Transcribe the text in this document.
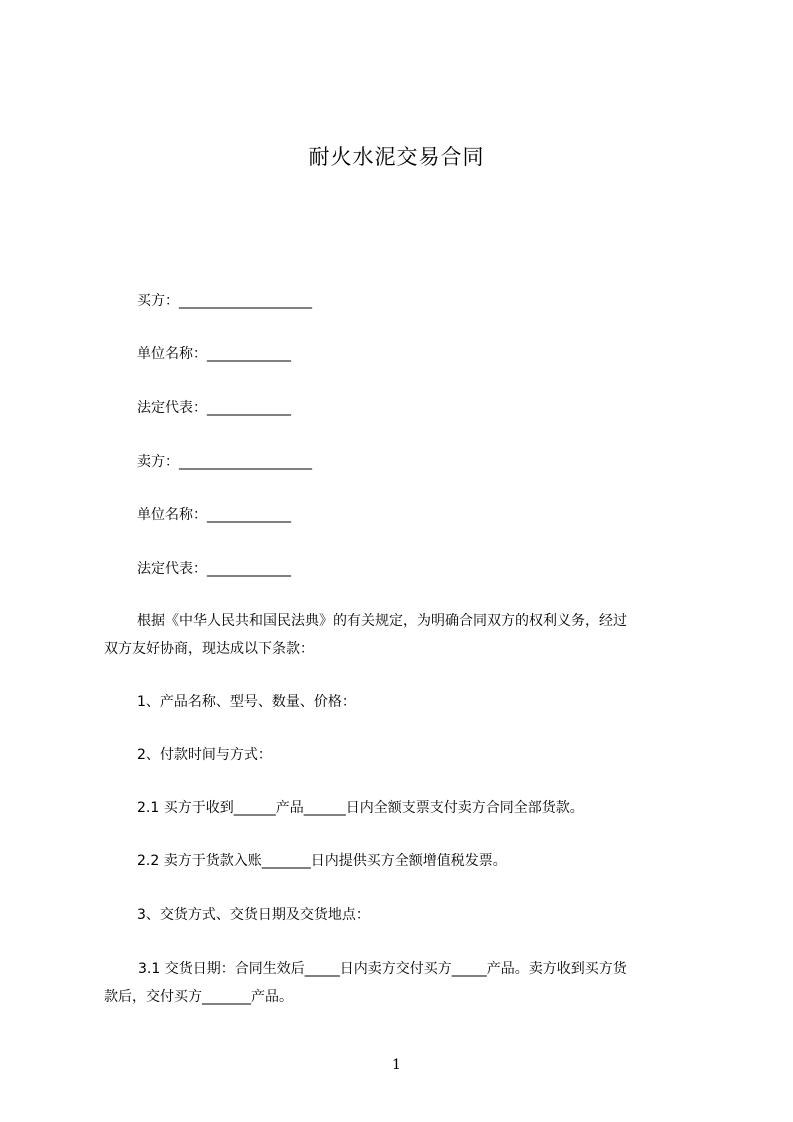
耐火水泥交易合同
买方：___________________
单位名称：____________
法定代表：____________
卖方：___________________
单位名称：____________
法定代表：____________
根据《中华人民共和国民法典》的有关规定，为明确合同双方的权利义务，经过
双方友好协商，现达成以下条款：
1、产品名称、型号、数量、价格：
2、付款时间与方式：
2.1 买方于收到______产品______日内全额支票支付卖方合同全部货款。
2.2 卖方于货款入账_______日内提供买方全额增值税发票。
3、交货方式、交货日期及交货地点：
3.1 交货日期：合同生效后_____日内卖方交付买方_____产品。卖方收到买方货
款后，交付买方_______产品。
1
